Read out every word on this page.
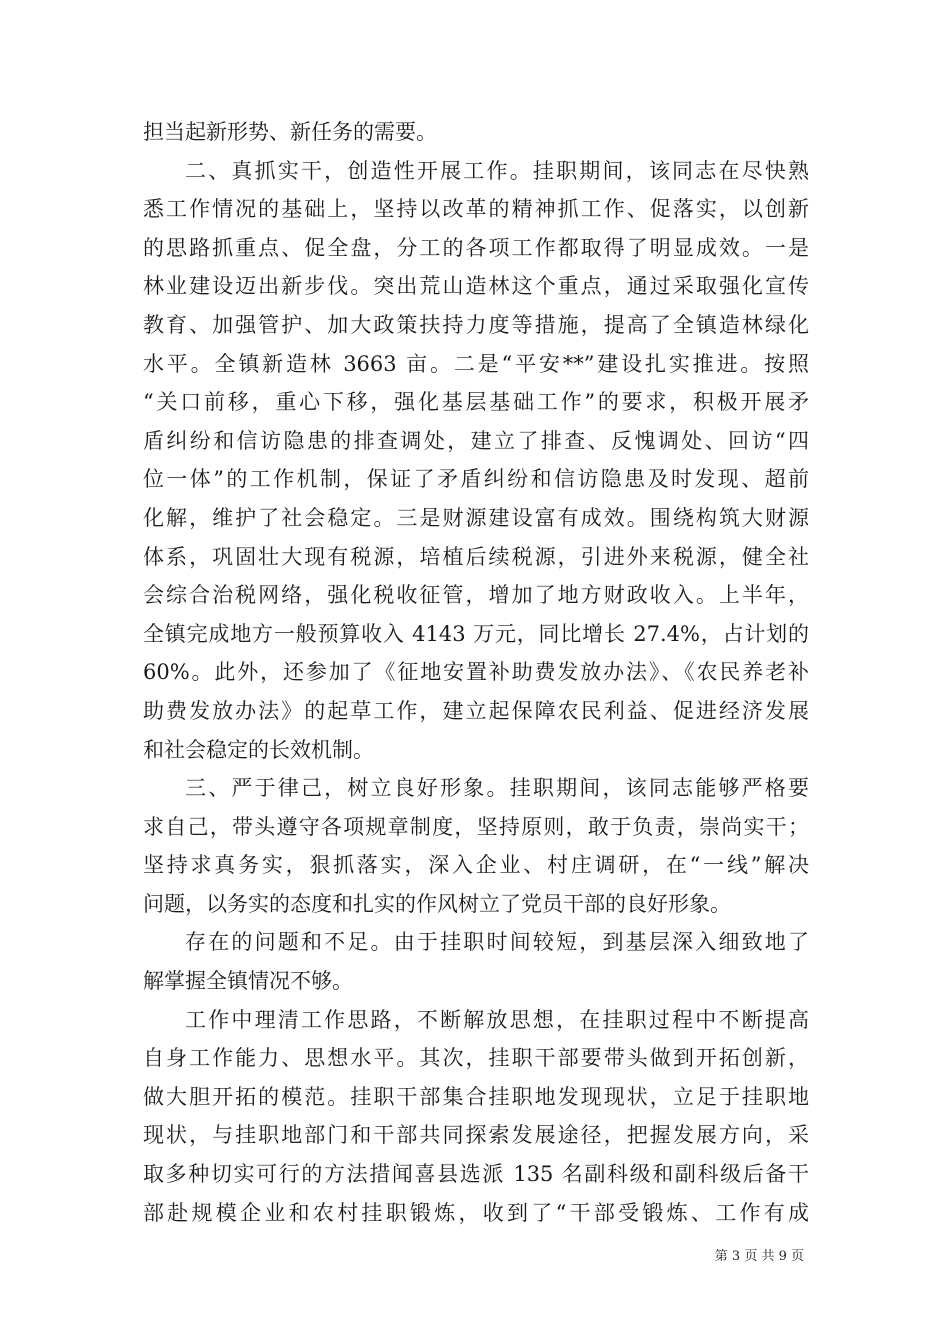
担当起新形势、新任务的需要。
二、真抓实干，创造性开展工作。挂职期间，该同志在尽快熟
悉工作情况的基础上，坚持以改革的精神抓工作、促落实，以创新
的思路抓重点、促全盘，分工的各项工作都取得了明显成效。一是
林业建设迈出新步伐。突出荒山造林这个重点，通过采取强化宣传
教育、加强管护、加大政策扶持力度等措施，提高了全镇造林绿化
水平。全镇新造林 3663 亩。二是“平安**”建设扎实推进。按照
“关口前移，重心下移，强化基层基础工作”的要求，积极开展矛
盾纠纷和信访隐患的排查调处，建立了排查、反愧调处、回访“四
位一体”的工作机制，保证了矛盾纠纷和信访隐患及时发现、超前
化解，维护了社会稳定。三是财源建设富有成效。围绕构筑大财源
体系，巩固壮大现有税源，培植后续税源，引进外来税源，健全社
会综合治税网络，强化税收征管，增加了地方财政收入。上半年，
全镇完成地方一般预算收入 4143 万元，同比增长 27.4%，占计划的
60%。此外，还参加了《征地安置补助费发放办法》、《农民养老补
助费发放办法》的起草工作，建立起保障农民利益、促进经济发展
和社会稳定的长效机制。
三、严于律己，树立良好形象。挂职期间，该同志能够严格要
求自己，带头遵守各项规章制度，坚持原则，敢于负责，崇尚实干；
坚持求真务实，狠抓落实，深入企业、村庄调研，在“一线”解决
问题，以务实的态度和扎实的作风树立了党员干部的良好形象。
存在的问题和不足。由于挂职时间较短，到基层深入细致地了
解掌握全镇情况不够。
工作中理清工作思路，不断解放思想，在挂职过程中不断提高
自身工作能力、思想水平。其次，挂职干部要带头做到开拓创新，
做大胆开拓的模范。挂职干部集合挂职地发现现状，立足于挂职地
现状，与挂职地部门和干部共同探索发展途径，把握发展方向，采
取多种切实可行的方法措闻喜县选派 135 名副科级和副科级后备干
部赴规模企业和农村挂职锻炼，收到了“干部受锻炼、工作有成
第 3 页 共 9 页
